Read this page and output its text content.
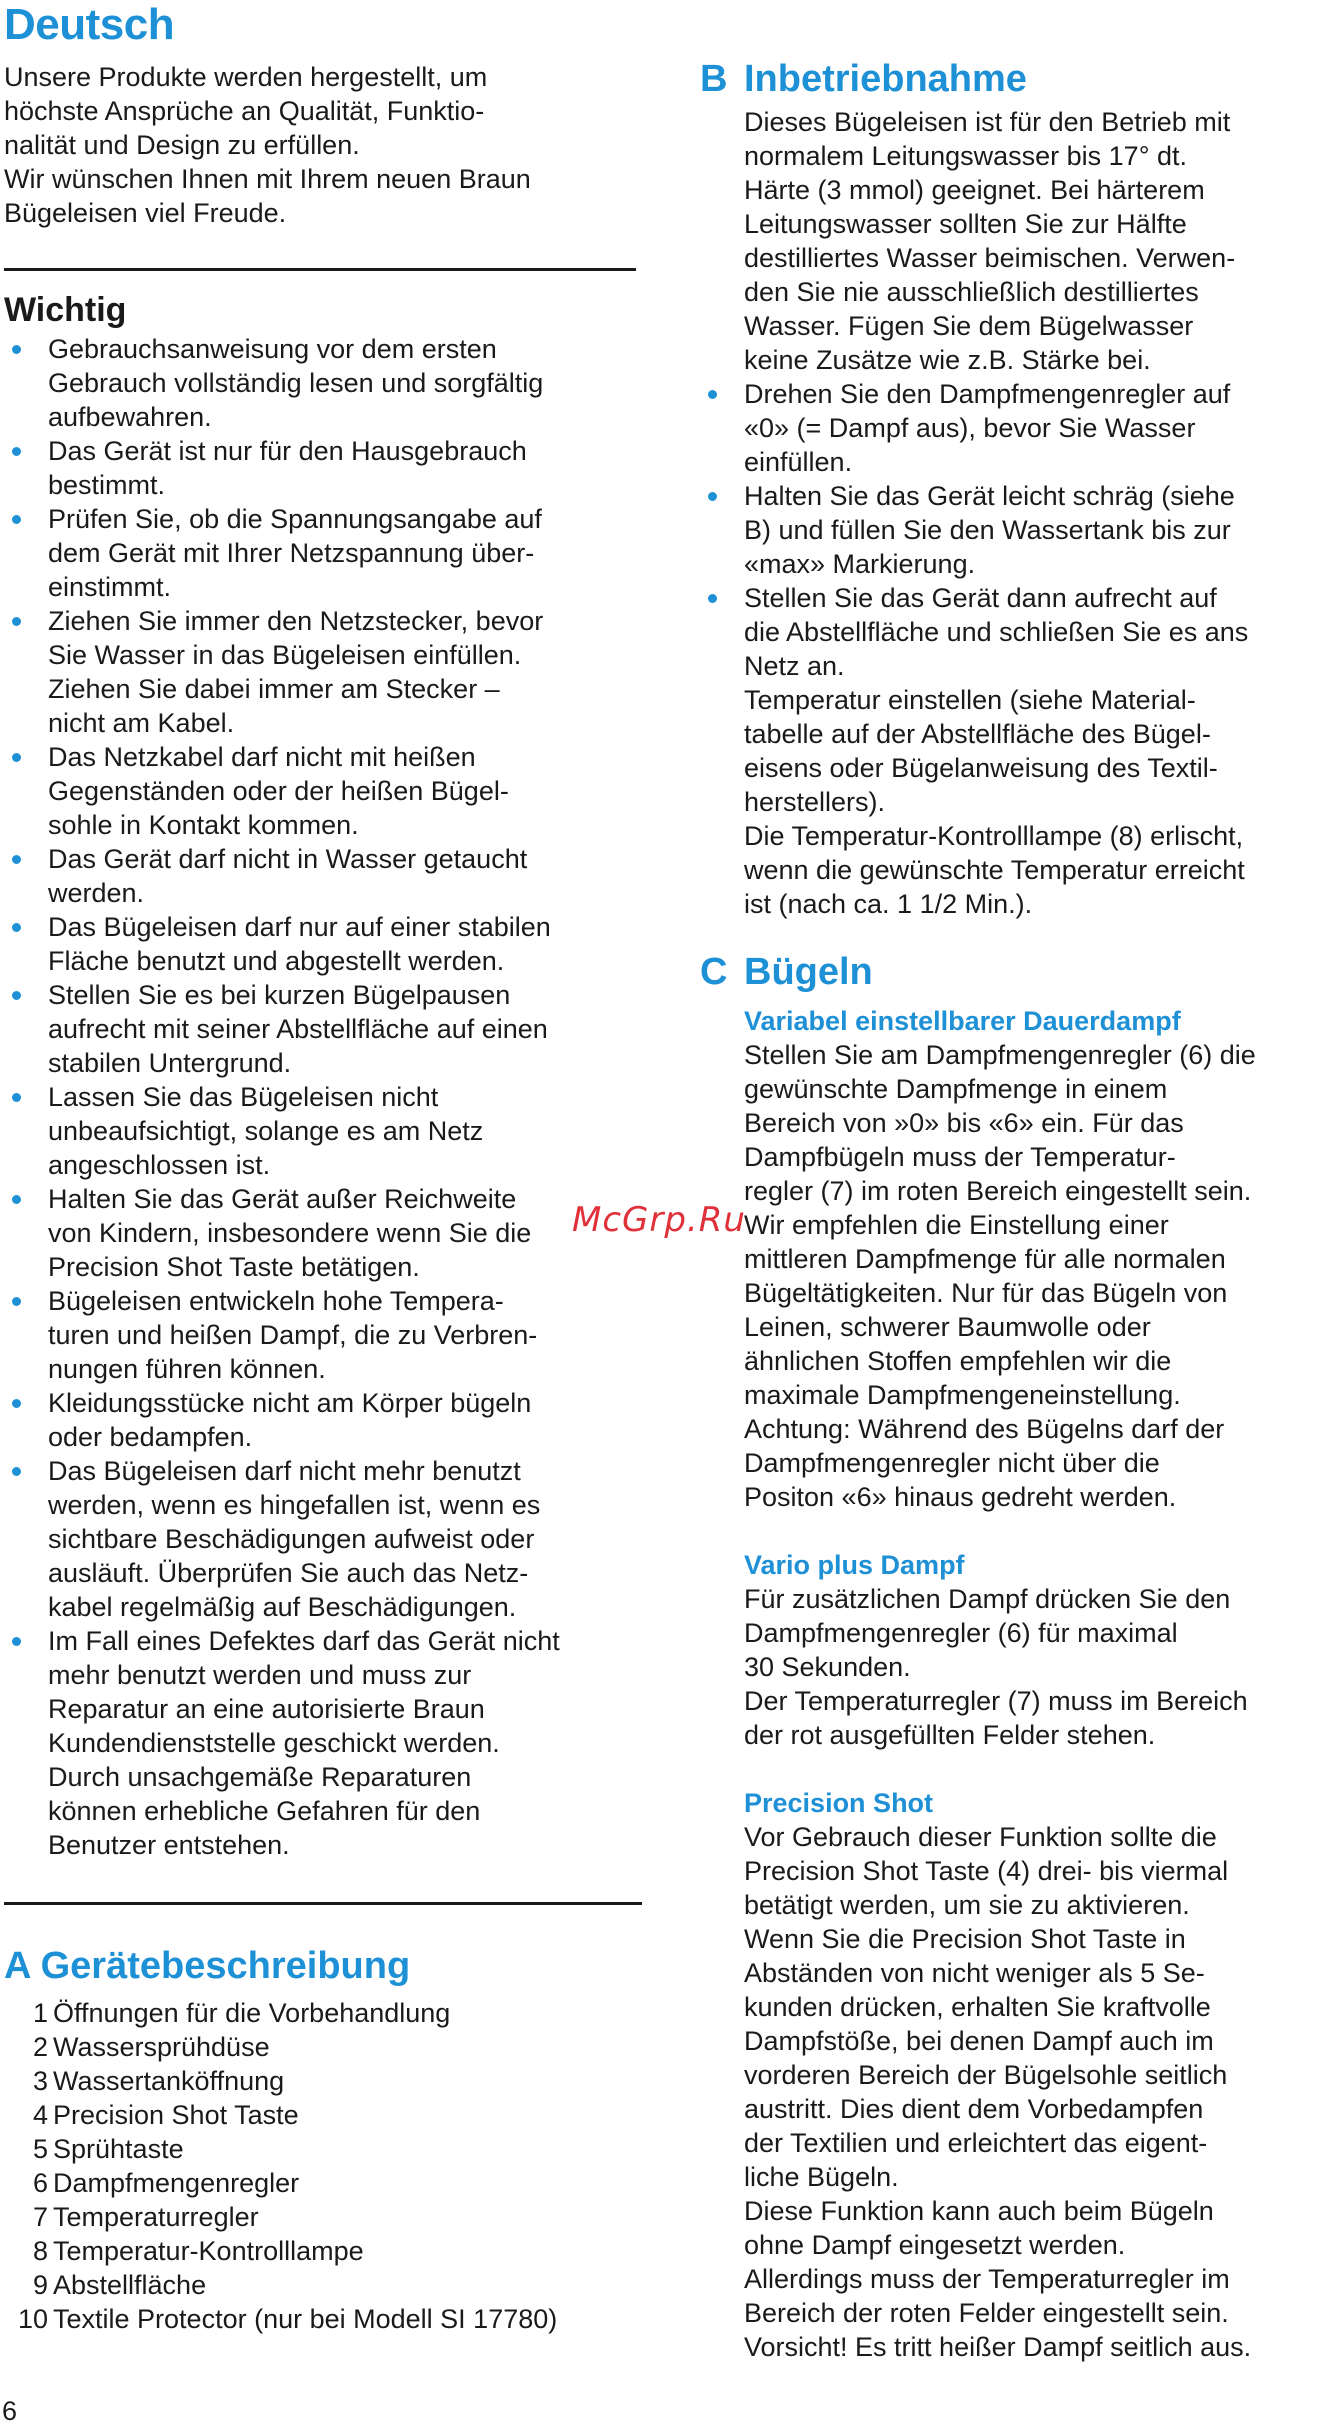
Deutsch

Unsere Produkte werden hergestellt, um

höchste Ansprüche an Qualität, Funktio-

nalität und Design zu erfüllen.

Wir wünschen Ihnen mit Ihrem neuen Braun

Bügeleisen viel Freude.

Wichtig
Gebrauchsanweisung vor dem ersten
Gebrauch vollständig lesen und sorgfältig
aufbewahren.
Das Gerät ist nur für den Hausgebrauch
bestimmt.
Prüfen Sie, ob die Spannungsangabe auf
dem Gerät mit Ihrer Netzspannung über-
einstimmt.
Ziehen Sie immer den Netzstecker, bevor
Sie Wasser in das Bügeleisen einfüllen.
Ziehen Sie dabei immer am Stecker –
nicht am Kabel.
Das Netzkabel darf nicht mit heißen
Gegenständen oder der heißen Bügel-
sohle in Kontakt kommen.
Das Gerät darf nicht in Wasser getaucht
werden.
Das Bügeleisen darf nur auf einer stabilen
Fläche benutzt und abgestellt werden.
Stellen Sie es bei kurzen Bügelpausen
aufrecht mit seiner Abstellfläche auf einen
stabilen Untergrund.
Lassen Sie das Bügeleisen nicht
unbeaufsichtigt, solange es am Netz
angeschlossen ist.
Halten Sie das Gerät außer Reichweite
von Kindern, insbesondere wenn Sie die
Precision Shot Taste betätigen.
Bügeleisen entwickeln hohe Tempera-
turen und heißen Dampf, die zu Verbren-
nungen führen können.
Kleidungsstücke nicht am Körper bügeln
oder bedampfen.
Das Bügeleisen darf nicht mehr benutzt
werden, wenn es hingefallen ist, wenn es
sichtbare Beschädigungen aufweist oder
ausläuft. Überprüfen Sie auch das Netz-
kabel regelmäßig auf Beschädigungen.
Im Fall eines Defektes darf das Gerät nicht
mehr benutzt werden und muss zur
Reparatur an eine autorisierte Braun
Kundendienststelle geschickt werden.
Durch unsachgemäße Reparaturen
können erhebliche Gefahren für den
Benutzer entstehen.
A Gerätebeschreibung
1 Öffnungen für die Vorbehandlung
2 Wassersprühdüse
3 Wassertanköffnung
4 Precision Shot Taste
5 Sprühtaste
6 Dampfmengenregler
7 Temperaturregler
8 Temperatur-Kontrolllampe
9 Abstellfläche
10 Textile Protector (nur bei Modell SI 17780)
B Inbetriebnahme

Dieses Bügeleisen ist für den Betrieb mit

normalem Leitungswasser bis 17° dt.

Härte (3 mmol) geeignet. Bei härterem

Leitungswasser sollten Sie zur Hälfte

destilliertes Wasser beimischen. Verwen-

den Sie nie ausschließlich destilliertes

Wasser. Fügen Sie dem Bügelwasser

keine Zusätze wie z.B. Stärke bei.

Drehen Sie den Dampfmengenregler auf
«0» (= Dampf aus), bevor Sie Wasser
einfüllen.
Halten Sie das Gerät leicht schräg (siehe
B) und füllen Sie den Wassertank bis zur
«max» Markierung.
Stellen Sie das Gerät dann aufrecht auf
die Abstellfläche und schließen Sie es ans
Netz an.
Temperatur einstellen (siehe Material-
tabelle auf der Abstellfläche des Bügel-
eisens oder Bügelanweisung des Textil-
herstellers).
Die Temperatur-Kontrolllampe (8) erlischt,
wenn die gewünschte Temperatur erreicht
ist (nach ca. 1 1/2 Min.).
C Bügeln

Variabel einstellbarer Dauerdampf

Stellen Sie am Dampfmengenregler (6) die

gewünschte Dampfmenge in einem

Bereich von »0» bis «6» ein. Für das

Dampfbügeln muss der Temperatur-

regler (7) im roten Bereich eingestellt sein.

Wir empfehlen die Einstellung einer

mittleren Dampfmenge für alle normalen

Bügeltätigkeiten. Nur für das Bügeln von

Leinen, schwerer Baumwolle oder

ähnlichen Stoffen empfehlen wir die

maximale Dampfmengeneinstellung.

Achtung: Während des Bügelns darf der

Dampfmengenregler nicht über die

Positon «6» hinaus gedreht werden.

Vario plus Dampf

Für zusätzlichen Dampf drücken Sie den

Dampfmengenregler (6) für maximal

30 Sekunden.

Der Temperaturregler (7) muss im Bereich

der rot ausgefüllten Felder stehen.

Precision Shot

Vor Gebrauch dieser Funktion sollte die

Precision Shot Taste (4) drei- bis viermal

betätigt werden, um sie zu aktivieren.

Wenn Sie die Precision Shot Taste in

Abständen von nicht weniger als 5 Se-

kunden drücken, erhalten Sie kraftvolle

Dampfstöße, bei denen Dampf auch im

vorderen Bereich der Bügelsohle seitlich

austritt. Dies dient dem Vorbedampfen

der Textilien und erleichtert das eigent-

liche Bügeln.

Diese Funktion kann auch beim Bügeln

ohne Dampf eingesetzt werden.

Allerdings muss der Temperaturregler im

Bereich der roten Felder eingestellt sein.

Vorsicht! Es tritt heißer Dampf seitlich aus.

McGrp.Ru
6
